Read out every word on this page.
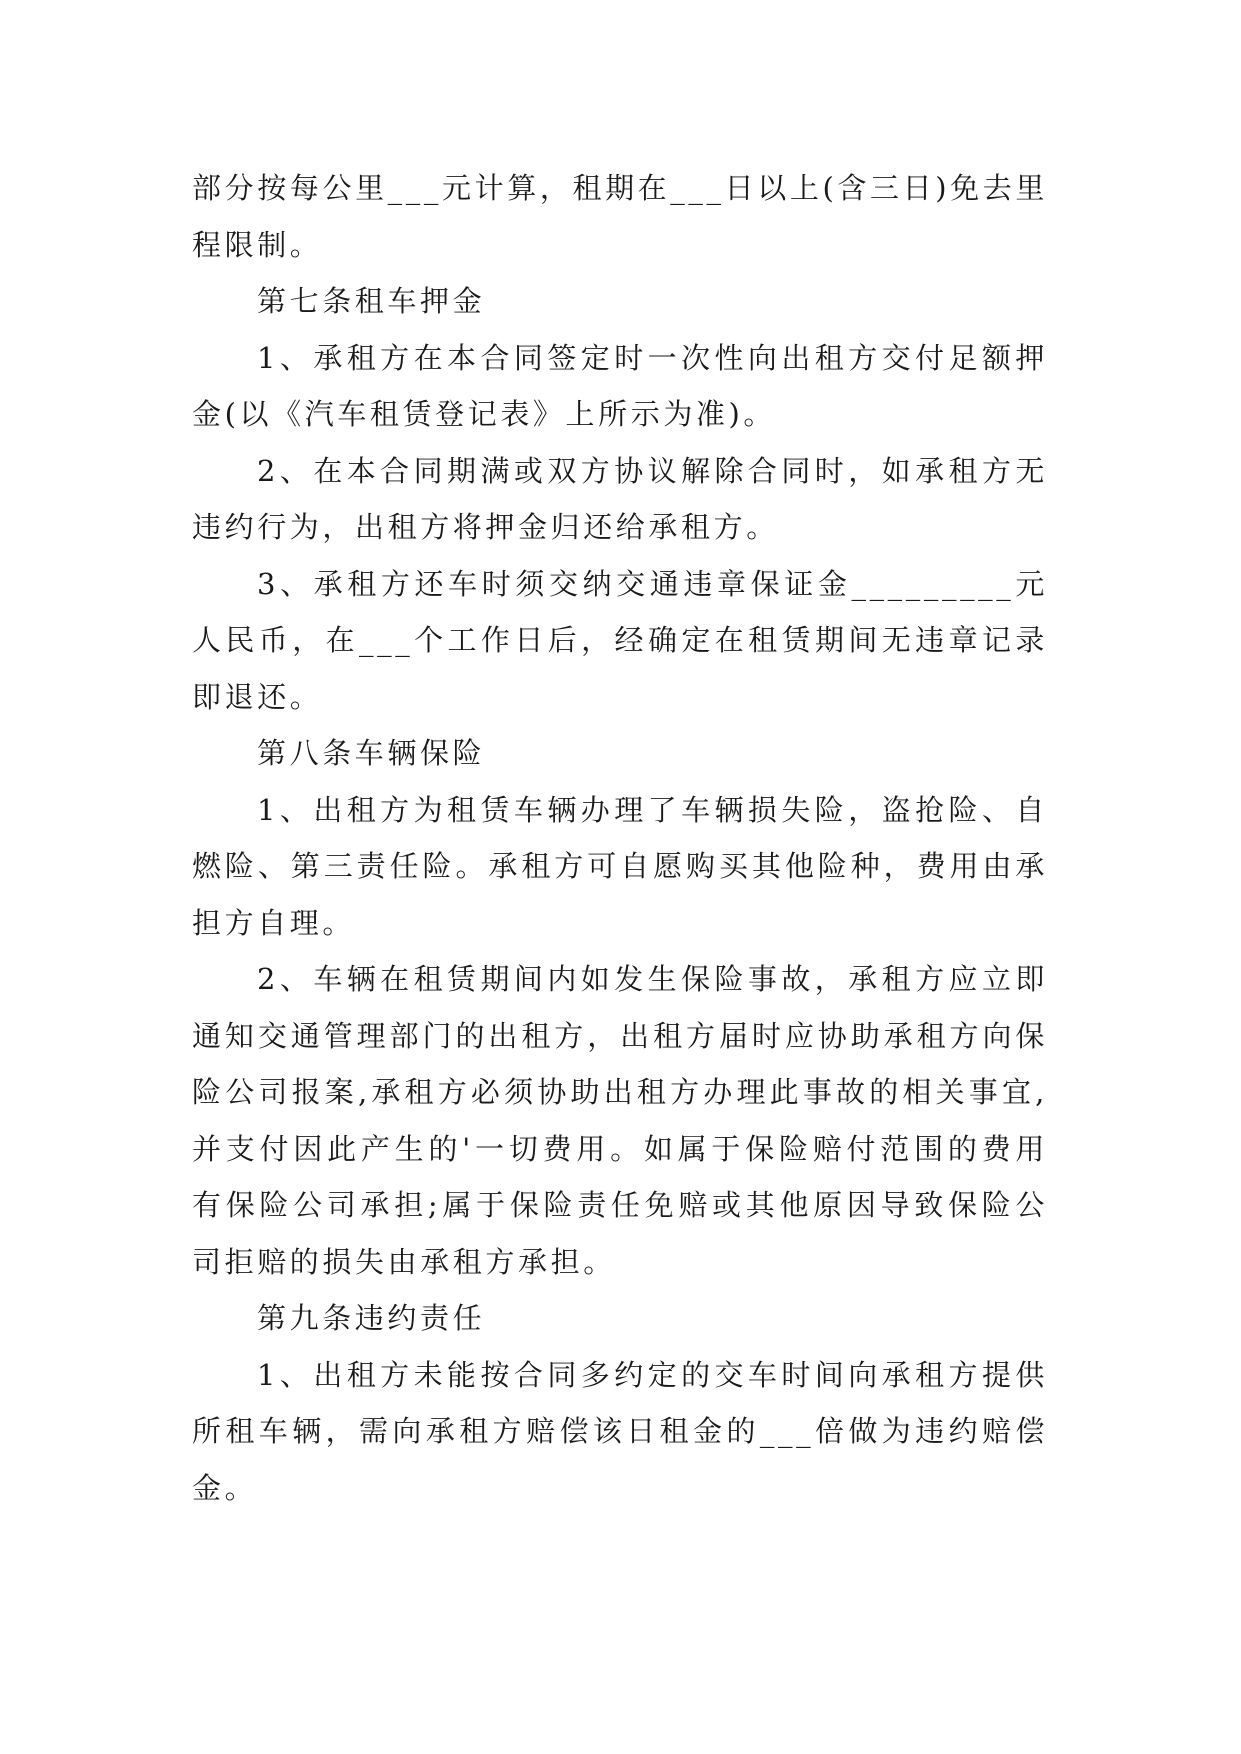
部分按每公里___元计算，租期在___日以上(含三日)免去里程限制。

第七条租车押金

1、承租方在本合同签定时一次性向出租方交付足额押金(以《汽车租赁登记表》上所示为准)。

2、在本合同期满或双方协议解除合同时，如承租方无违约行为，出租方将押金归还给承租方。

3、承租方还车时须交纳交通违章保证金_________元人民币，在___个工作日后，经确定在租赁期间无违章记录即退还。

第八条车辆保险

1、出租方为租赁车辆办理了车辆损失险，盗抢险、自燃险、第三责任险。承租方可自愿购买其他险种，费用由承担方自理。

2、车辆在租赁期间内如发生保险事故，承租方应立即通知交通管理部门的出租方，出租方届时应协助承租方向保险公司报案,承租方必须协助出租方办理此事故的相关事宜,并支付因此产生的'一切费用。如属于保险赔付范围的费用有保险公司承担;属于保险责任免赔或其他原因导致保险公司拒赔的损失由承租方承担。

第九条违约责任

1、出租方未能按合同多约定的交车时间向承租方提供所租车辆，需向承租方赔偿该日租金的___倍做为违约赔偿金。
